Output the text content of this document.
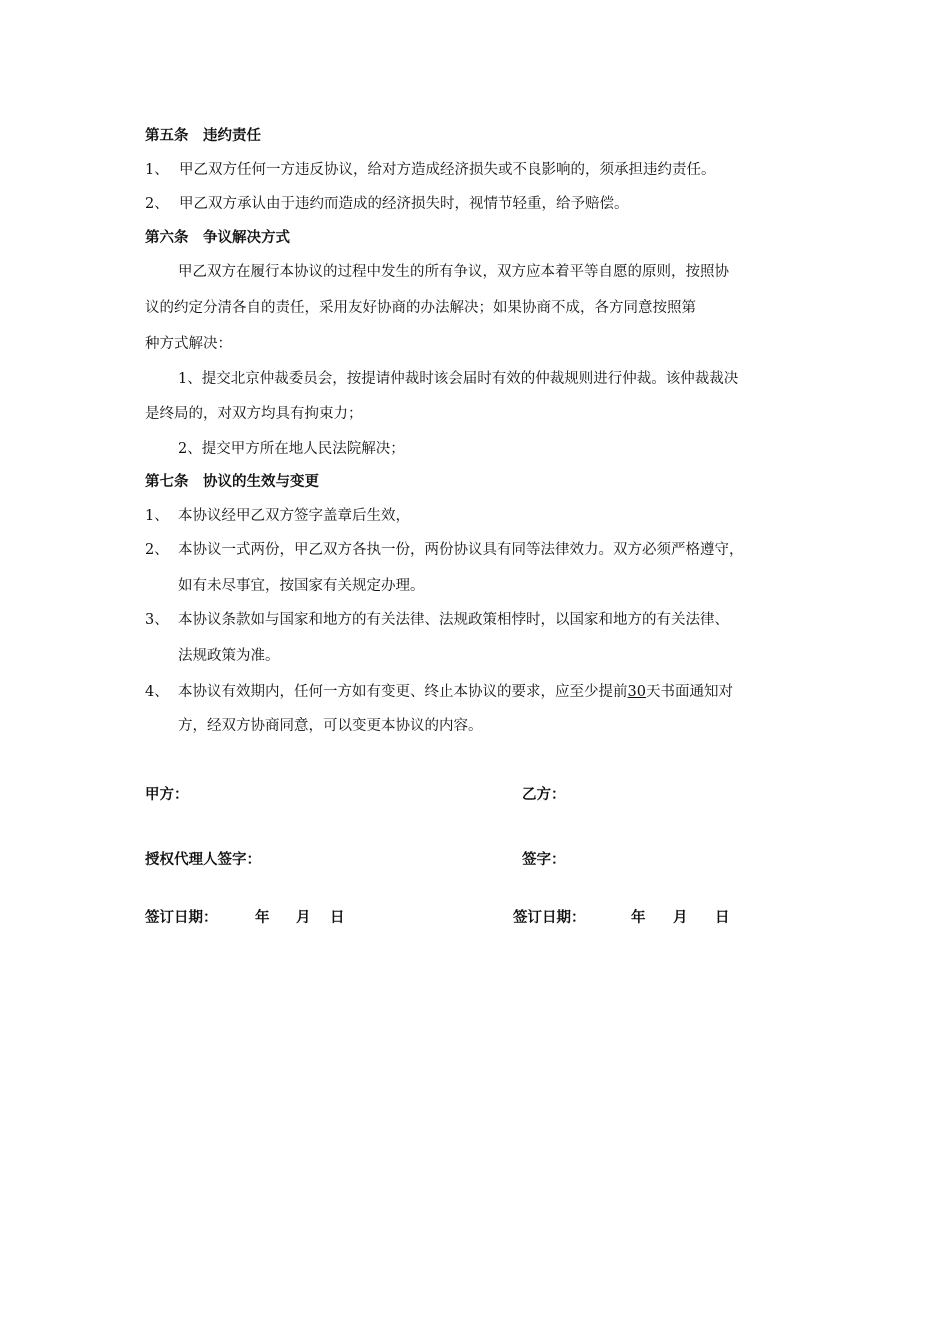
第五条　违约责任
1、 甲乙双方任何一方违反协议，给对方造成经济损失或不良影响的，须承担违约责任。
2、 甲乙双方承认由于违约而造成的经济损失时，视情节轻重，给予赔偿。
第六条　争议解决方式
甲乙双方在履行本协议的过程中发生的所有争议，双方应本着平等自愿的原则，按照协
议的约定分清各自的责任，采用友好协商的办法解决；如果协商不成，各方同意按照第
种方式解决：
1、提交北京仲裁委员会，按提请仲裁时该会届时有效的仲裁规则进行仲裁。该仲裁裁决
是终局的，对双方均具有拘束力；
2、提交甲方所在地人民法院解决；
第七条　协议的生效与变更
1、 本协议经甲乙双方签字盖章后生效，
2、 本协议一式两份，甲乙双方各执一份，两份协议具有同等法律效力。双方必须严格遵守，
如有未尽事宜，按国家有关规定办理。
3、 本协议条款如与国家和地方的有关法律、法规政策相悖时，以国家和地方的有关法律、
法规政策为准。
4、 本协议有效期内，任何一方如有变更、终止本协议的要求，应至少提前30天书面通知对
方，经双方协商同意，可以变更本协议的内容。
甲方：	乙方：
授权代理人签字：	签字：
签订日期：	年 月 日	签订日期：	年 月 日
